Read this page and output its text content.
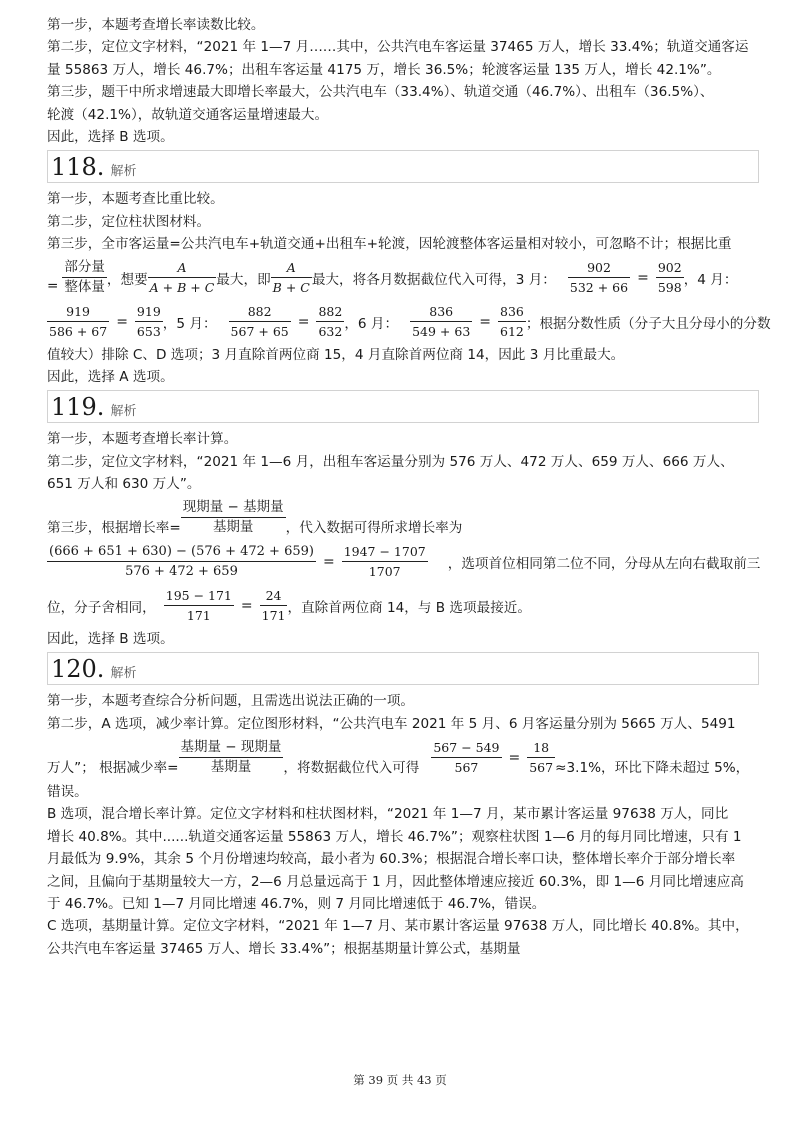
第一步，本题考查增长率读数比较。

第二步，定位文字材料，“2021 年 1—7 月……其中，公共汽电车客运量 37465 万人，增长 33.4%；轨道交通客运

量 55863 万人，增长 46.7%；出租车客运量 4175 万，增长 36.5%；轮渡客运量 135 万人，增长 42.1%”。

第三步，题干中所求增速最大即增长率最大，公共汽电车（33.4%）、轨道交通（46.7%）、出租车（36.5%）、

轮渡（42.1%），故轨道交通客运量增速最大。

因此，选择 B 选项。

118. 解析

第一步，本题考查比重比较。

第二步，定位柱状图材料。

第三步，全市客运量=公共汽电车+轨道交通+出租车+轮渡，因轮渡整体客运量相对较小，可忽略不计；根据比重

= $\frac{\text{部分量}}{\text{整体量}}$ ，想要 $\frac{A}{A + B + C}$ 最大，即 $\frac{A}{B + C}$ 最大，将各月数据截位代入可得，3 月： $\frac{902}{532 + 66} = \frac{902}{598}$ ，4 月：
$\frac{919}{586 + 67} = \frac{919}{653}$ ，5 月： $\frac{882}{567 + 65} = \frac{882}{632}$ ，6 月： $\frac{836}{549 + 63} = \frac{836}{612}$ ；根据分数性质（分子大且分母小的分数

值较大）排除 C、D 选项；3 月直除首两位商 15，4 月直除首两位商 14，因此 3 月比重最大。

因此，选择 A 选项。

119. 解析

第一步，本题考查增长率计算。

第二步，定位文字材料，“2021 年 1—6 月，出租车客运量分别为 576 万人、472 万人、659 万人、666 万人、

651 万人和 630 万人”。

第三步，根据增长率= $\frac{\text{现期量 − 基期量}}{\text{基期量}}$ ，代入数据可得所求增长率为
$\frac{(666 + 651 + 630) - (576 + 472 + 659)}{576 + 472 + 659} = \frac{1947 - 1707}{1707}$ ，选项首位相同第二位不同，分母从左向右截取前三
位，分子舍相同， $\frac{195 - 171}{171} = \frac{24}{171}$ ，直除首两位商 14，与 B 选项最接近。

因此，选择 B 选项。

120. 解析

第一步，本题考查综合分析问题，且需选出说法正确的一项。

第二步，A 选项，减少率计算。定位图形材料，“公共汽电车 2021 年 5 月、6 月客运量分别为 5665 万人、5491

万人”； 根据减少率= $\frac{\text{基期量 − 现期量}}{\text{基期量}}$ ，将数据截位代入可得 $\frac{567 - 549}{567} = \frac{18}{567} \approx 3.1\%$，环比下降未超过 5%，

错误。

B 选项，混合增长率计算。定位文字材料和柱状图材料，“2021 年 1—7 月，某市累计客运量 97638 万人，同比

增长 40.8%。其中......轨道交通客运量 55863 万人，增长 46.7%”；观察柱状图 1—6 月的每月同比增速，只有 1

月最低为 9.9%，其余 5 个月份增速均较高，最小者为 60.3%；根据混合增长率口诀，整体增长率介于部分增长率

之间，且偏向于基期量较大一方，2—6 月总量远高于 1 月，因此整体增速应接近 60.3%，即 1—6 月同比增速应高

于 46.7%。已知 1—7 月同比增速 46.7%，则 7 月同比增速低于 46.7%，错误。

C 选项，基期量计算。定位文字材料，“2021 年 1—7 月、某市累计客运量 97638 万人，同比增长 40.8%。其中，

公共汽电车客运量 37465 万人、增长 33.4%”；根据基期量计算公式，基期量

第 39 页 共 43 页
